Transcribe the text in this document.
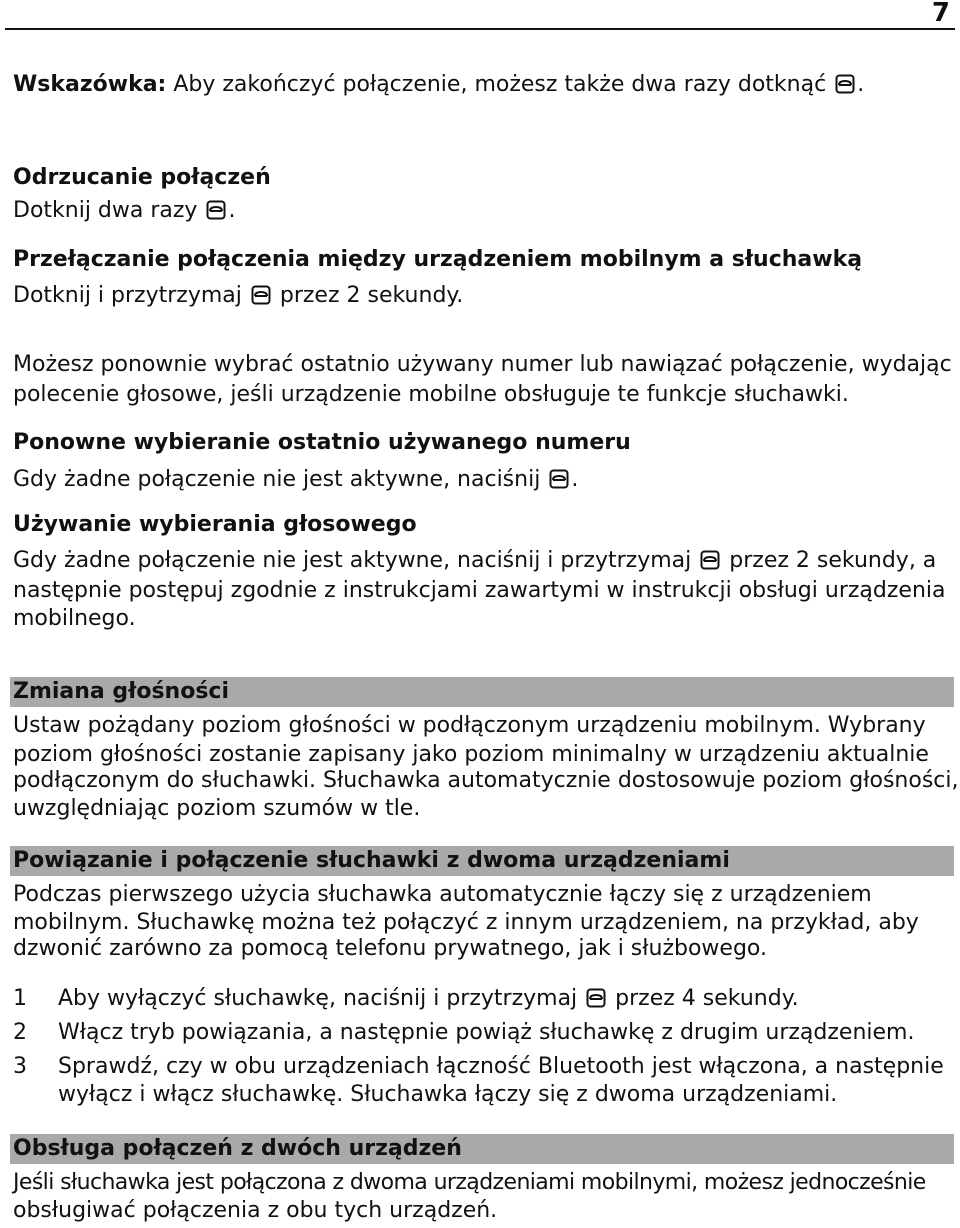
7
Wskazówka: Aby zakończyć połączenie, możesz także dwa razy dotknąć .
Odrzucanie połączeń
Dotknij dwa razy .
Przełączanie połączenia między urządzeniem mobilnym a słuchawką
Dotknij i przytrzymaj przez 2 sekundy.
Możesz ponownie wybrać ostatnio używany numer lub nawiązać połączenie, wydając
polecenie głosowe, jeśli urządzenie mobilne obsługuje te funkcje słuchawki.
Ponowne wybieranie ostatnio używanego numeru
Gdy żadne połączenie nie jest aktywne, naciśnij .
Używanie wybierania głosowego
Gdy żadne połączenie nie jest aktywne, naciśnij i przytrzymaj przez 2 sekundy, a
następnie postępuj zgodnie z instrukcjami zawartymi w instrukcji obsługi urządzenia
mobilnego.
Zmiana głośności
Ustaw pożądany poziom głośności w podłączonym urządzeniu mobilnym. Wybrany
poziom głośności zostanie zapisany jako poziom minimalny w urządzeniu aktualnie
podłączonym do słuchawki. Słuchawka automatycznie dostosowuje poziom głośności,
uwzględniając poziom szumów w tle.
Powiązanie i połączenie słuchawki z dwoma urządzeniami
Podczas pierwszego użycia słuchawka automatycznie łączy się z urządzeniem
mobilnym. Słuchawkę można też połączyć z innym urządzeniem, na przykład, aby
dzwonić zarówno za pomocą telefonu prywatnego, jak i służbowego.
1 Aby wyłączyć słuchawkę, naciśnij i przytrzymaj przez 4 sekundy.
2 Włącz tryb powiązania, a następnie powiąż słuchawkę z drugim urządzeniem.
3 Sprawdź, czy w obu urządzeniach łączność Bluetooth jest włączona, a następnie
wyłącz i włącz słuchawkę. Słuchawka łączy się z dwoma urządzeniami.
Obsługa połączeń z dwóch urządzeń
Jeśli słuchawka jest połączona z dwoma urządzeniami mobilnymi, możesz jednocześnie
obsługiwać połączenia z obu tych urządzeń.
